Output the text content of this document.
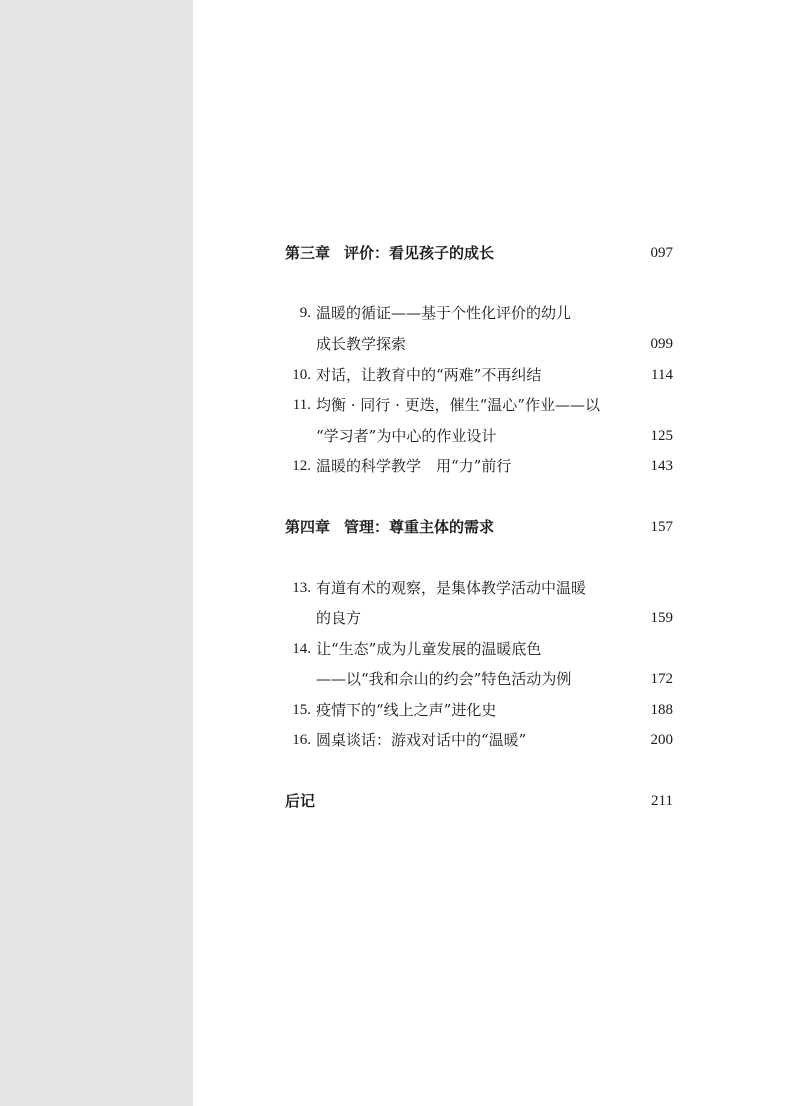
第三章 评价：看见孩子的成长	097
9. 温暖的循证——基于个性化评价的幼儿
成长教学探索	099
10. 对话，让教育中的“两难”不再纠结	114
11. 均衡 · 同行 · 更迭，催生“温心”作业——以
“学习者”为中心的作业设计	125
12. 温暖的科学教学　用“力”前行	143
第四章 管理：尊重主体的需求	157
13. 有道有术的观察，是集体教学活动中温暖
的良方	159
14. 让“生态”成为儿童发展的温暖底色
——以“我和佘山的约会”特色活动为例	172
15. 疫情下的“线上之声”进化史	188
16. 圆桌谈话：游戏对话中的“温暖”	200
后记	211
